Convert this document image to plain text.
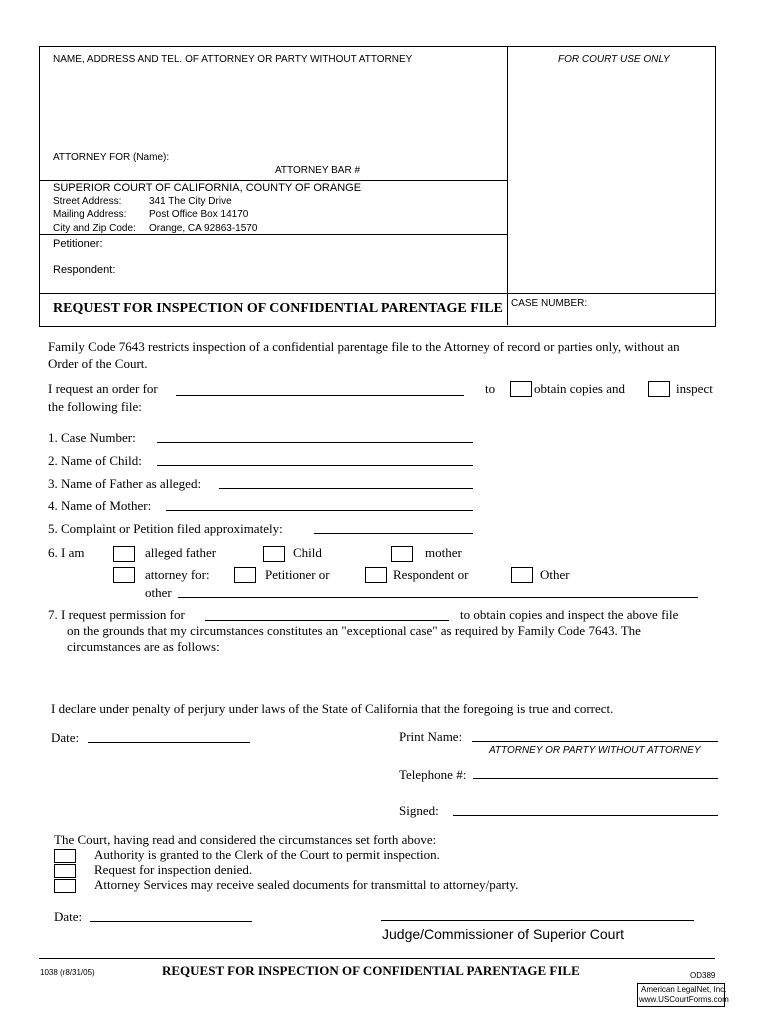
NAME, ADDRESS AND TEL. OF ATTORNEY OR PARTY WITHOUT ATTORNEY	FOR COURT USE ONLY
ATTORNEY FOR (Name):
ATTORNEY BAR #
SUPERIOR COURT OF CALIFORNIA, COUNTY OF ORANGE
Street Address:	341 The City Drive
Mailing Address: Post Office Box 14170
City and Zip Code: Orange, CA 92863-1570
Petitioner:
Respondent:
REQUEST FOR INSPECTION OF CONFIDENTIAL PARENTAGE FILE CASE NUMBER:
Family Code 7643 restricts inspection of a confidential parentage file to the Attorney of record or parties only, without an Order of the Court.
I request an order for	to	obtain copies and	inspect
the following file:
1. Case Number:
2. Name of Child:
3. Name of Father as alleged:
4. Name of Mother:
5. Complaint or Petition filed approximately:
6. I am	alleged father	Child	mother
attorney for:	Petitioner or	Respondent or	Other
other
7. I request permission for	to obtain copies and inspect the above file
on the grounds that my circumstances constitutes an "exceptional case" as required by Family Code 7643. The
circumstances are as follows:
I declare under penalty of perjury under laws of the State of California that the foregoing is true and correct.
Date:	Print Name:
ATTORNEY OR PARTY WITHOUT ATTORNEY
Telephone #:
Signed:
The Court, having read and considered the circumstances set forth above:
Authority is granted to the Clerk of the Court to permit inspection.
Request for inspection denied.
Attorney Services may receive sealed documents for transmittal to attorney/party.
Date:
Judge/Commissioner of Superior Court
1038 (r8/31/05)	REQUEST FOR INSPECTION OF CONFIDENTIAL PARENTAGE FILE	OD389
American LegalNet, Inc.
www.USCourtForms.com
